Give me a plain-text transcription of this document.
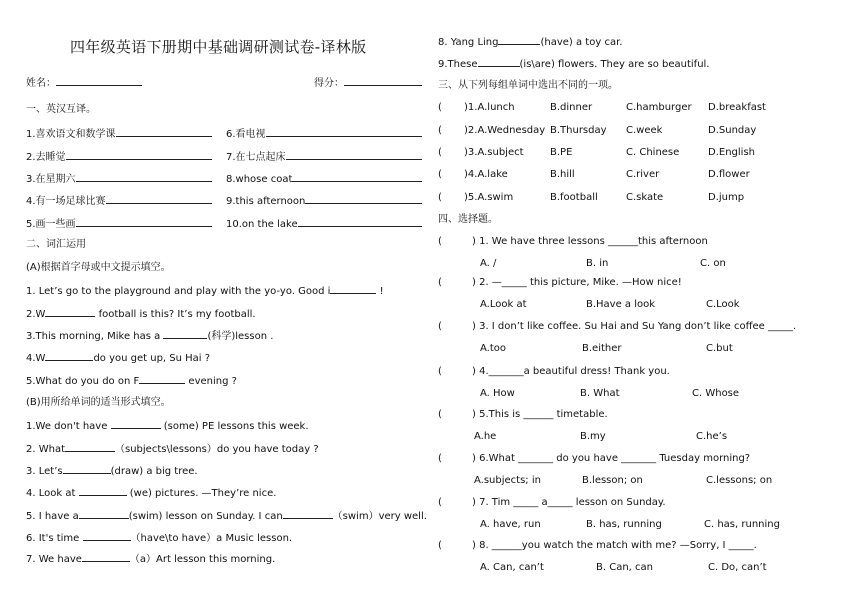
四年级英语下册期中基础调研测试卷-译林版
姓名：	得分：
一、英汉互译。
1.喜欢语文和数学课	6.看电视
2.去睡觉	7.在七点起床
3.在星期六	8.whose coat
4.有一场足球比赛	9.this afternoon
5.画一些画	10.on the lake
二、词汇运用
(A)根据首字母或中文提示填空。
1. Let’s go to the playground and play with the yo-yo. Good i	!
2.W	football is this? It’s my football.
3.This morning, Mike has a	(科学)lesson .
4.W	do you get up, Su Hai ?
5.What do you do on F	evening ?
(B)用所给单词的适当形式填空。
1.We don't have	(some) PE lessons this week.
2. What	（subjects\lessons）do you have today ?
3. Let’s	(draw) a big tree.
4. Look at	(we) pictures. —They’re nice.
5. I have a	(swim) lesson on Sunday. I can	（swim）very well.
6. It's time	（have\to have）a Music lesson.
7. We have	（a）Art lesson this morning.
8. Yang Ling	(have) a toy car.
9.These	(is\are) flowers. They are so beautiful.
三、从下列每组单词中选出不同的一项。
( )1.A.lunch	B.dinner	C.hamburger D.breakfast
( )2.A.Wednesday B.Thursday C.week	D.Sunday
( )3.A.subject	B.PE	C. Chinese	D.English
( )4.A.lake	B.hill	C.river	D.flower
( )5.A.swim	B.football	C.skate	D.jump
四、选择题。
(	) 1. We have three lessons ______this afternoon
A. /	B. in	C. on
(	) 2. —_____ this picture, Mike. —How nice!
A.Look at	B.Have a look	C.Look
(	) 3. I don’t like coffee. Su Hai and Su Yang don’t like coffee _____.
A.too	B.either	C.but
(	) 4._______a beautiful dress! Thank you.
A. How	B. What	C. Whose
(	) 5.This is ______ timetable.
A.he	B.my	C.he’s
(	) 6.What _______ do you have _______ Tuesday morning?
A.subjects; in	B.lesson; on	C.lessons; on
(	) 7. Tim _____ a_____ lesson on Sunday.
A. have, run	B. has, running	C. has, running
(	) 8. ______you watch the match with me? —Sorry, I _____.
A. Can, can’t	B. Can, can	C. Do, can’t
